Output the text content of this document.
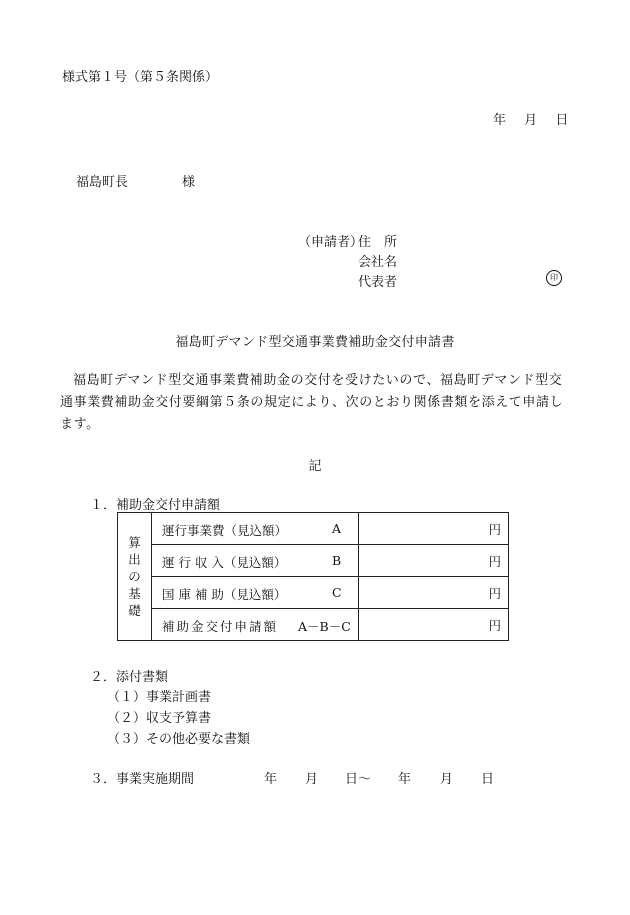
様式第１号（第５条関係）
年 月 日
福島町長	様
（申請者）
住　所
会社名
代表者	印
福島町デマンド型交通事業費補助金交付申請書
福島町デマンド型交通事業費補助金の交付を受けたいので、福島町デマンド型交通事業費補助金交付要綱第５条の規定により、次のとおり関係書類を添えて申請します。
記
１．補助金交付申請額
算
出
の
基
礎	運行事業費（見込額） A	円

	運 行 収 入（見込額） B	円

	国 庫 補 助（見込額） C	円

	補助金交付申請額 A－B－C	円
２．添付書類
（１）事業計画書
（２）収支予算書
（３）その他必要な書類
３．事業実施期間	年 月 日 ～ 年 月 日
